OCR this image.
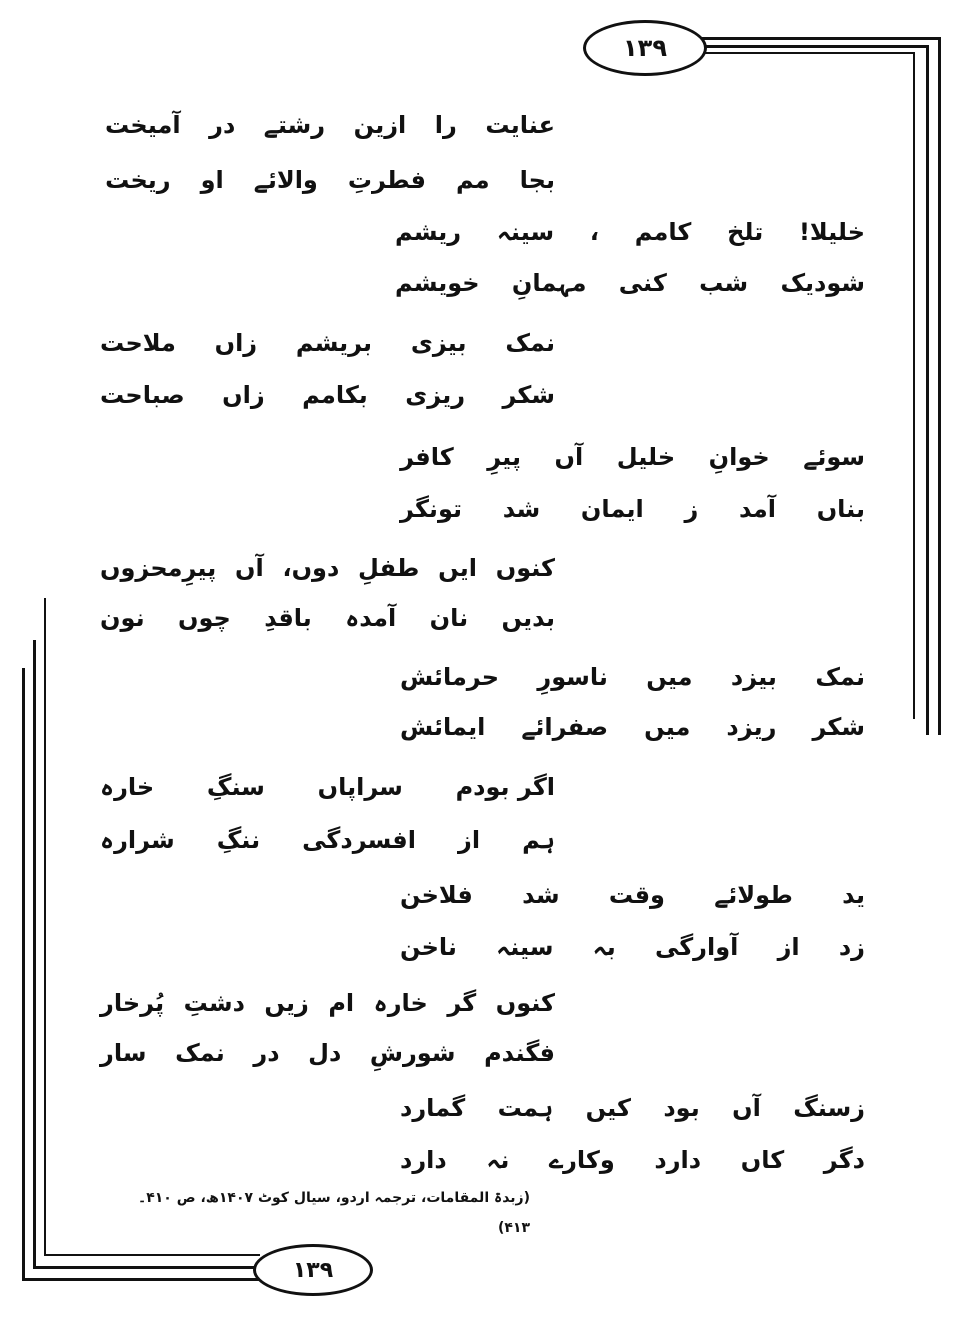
۱۳۹
۱۳۹
عنایت
را
ازین
رشتے
در
آمیخت
بجا
مم
فطرتِ
والائے
او
ریخت
خلیلا!
تلخ
کامم
،
سینہ
ریشم
شودیک
شب
کنی
مہمانِ
خویشم
نمک
بیزی
بریشم
زاں
ملاحت
شکر
ریزی
بکامم
زاں
صباحت
سوئے
خوانِ
خلیل
آں
پیرِ
کافر
بناں
آمد
ز
ایمان
شد
تونگر
کنوں
ایں
طفلِ
دوں،
آں
پیرِمحزوں
بدیں
نان
آمدہ
باقدِ
چوں
نون
نمک
بیزد
میں
ناسورِ
حرمائش
شکر
ریزد
میں
صفرائے
ایمائش
اگر بودم
سراپاں
سنگِ
خارہ
ہم
از
افسردگی
ننگِ
شرارہ
ید
طولائے
وقت
شد
فلاخن
زد
از
آوارگی
بہ
سینہ
ناخن
کنوں
گر
خارہ
ام
زیں
دشتِ
پُرخار
فگندم
شورشِ
دل
در
نمک
سار
زسنگ
آں
بود
کیں
ہمت
گمارد
دگر
کاں
دارد
وکارے
نہ
دارد
(زبدۃ المقامات، ترجمہ اردو، سیال کوٹ ۱۴۰۷ھ، ص ۴۱۰۔۴۱۳)
